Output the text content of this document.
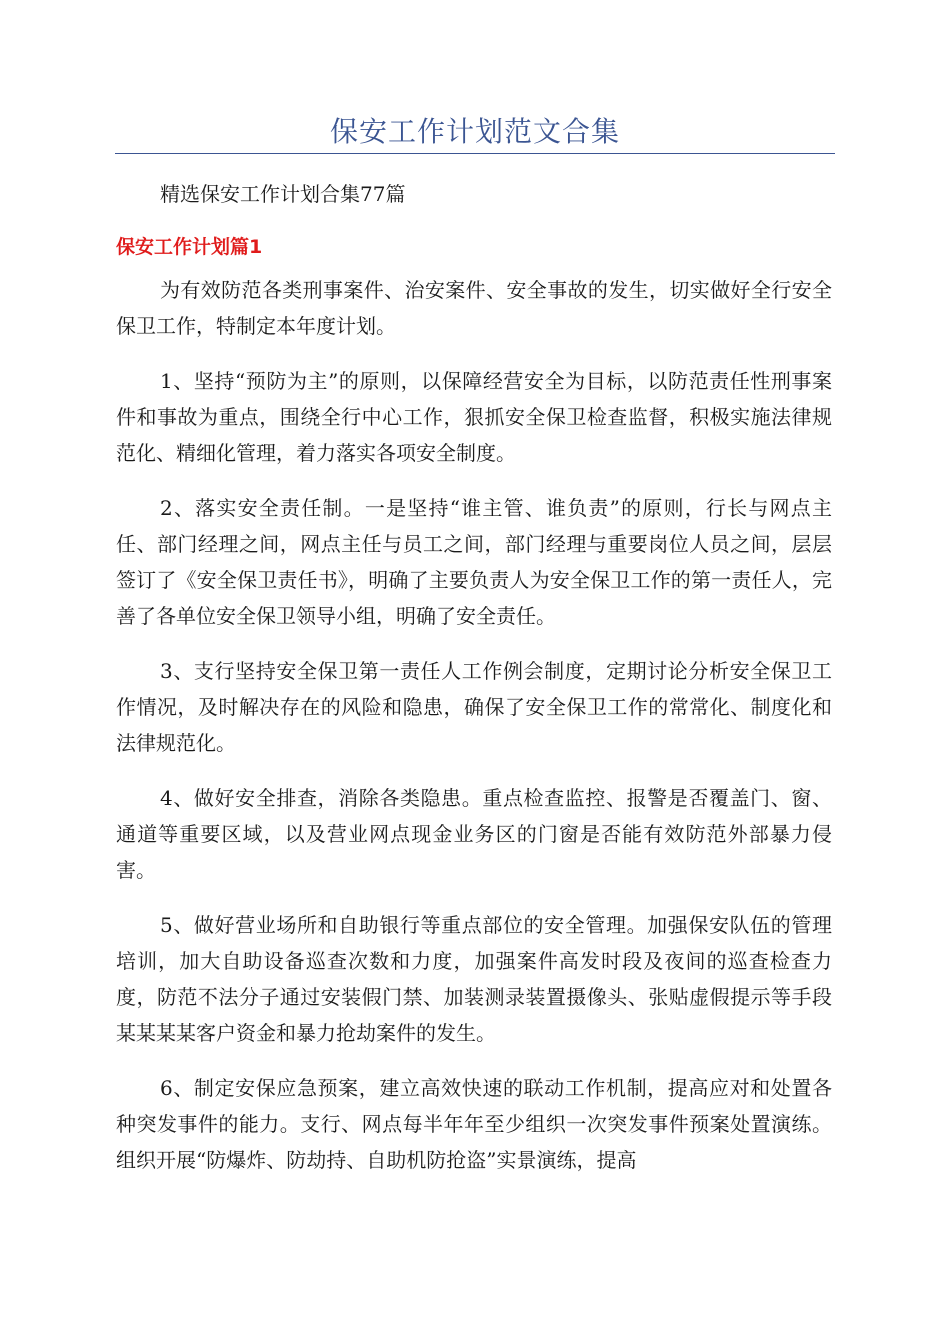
保安工作计划范文合集

精选保安工作计划合集77篇

保安工作计划篇1

为有效防范各类刑事案件、治安案件、安全事故的发生，切实做好全行安全保卫工作，特制定本年度计划。

1、坚持“预防为主”的原则，以保障经营安全为目标，以防范责任性刑事案件和事故为重点，围绕全行中心工作，狠抓安全保卫检查监督，积极实施法律规范化、精细化管理，着力落实各项安全制度。

2、落实安全责任制。一是坚持“谁主管、谁负责”的原则，行长与网点主任、部门经理之间，网点主任与员工之间，部门经理与重要岗位人员之间，层层签订了《安全保卫责任书》，明确了主要负责人为安全保卫工作的第一责任人，完善了各单位安全保卫领导小组，明确了安全责任。

3、支行坚持安全保卫第一责任人工作例会制度，定期讨论分析安全保卫工作情况，及时解决存在的风险和隐患，确保了安全保卫工作的常常化、制度化和法律规范化。

4、做好安全排查，消除各类隐患。重点检查监控、报警是否覆盖门、窗、通道等重要区域，以及营业网点现金业务区的门窗是否能有效防范外部暴力侵害。

5、做好营业场所和自助银行等重点部位的安全管理。加强保安队伍的管理培训，加大自助设备巡查次数和力度，加强案件高发时段及夜间的巡查检查力度，防范不法分子通过安装假门禁、加装测录装置摄像头、张贴虚假提示等手段某某某某客户资金和暴力抢劫案件的发生。

6、制定安保应急预案，建立高效快速的联动工作机制，提高应对和处置各种突发事件的能力。支行、网点每半年年至少组织一次突发事件预案处置演练。组织开展“防爆炸、防劫持、自助机防抢盗”实景演练，提高
